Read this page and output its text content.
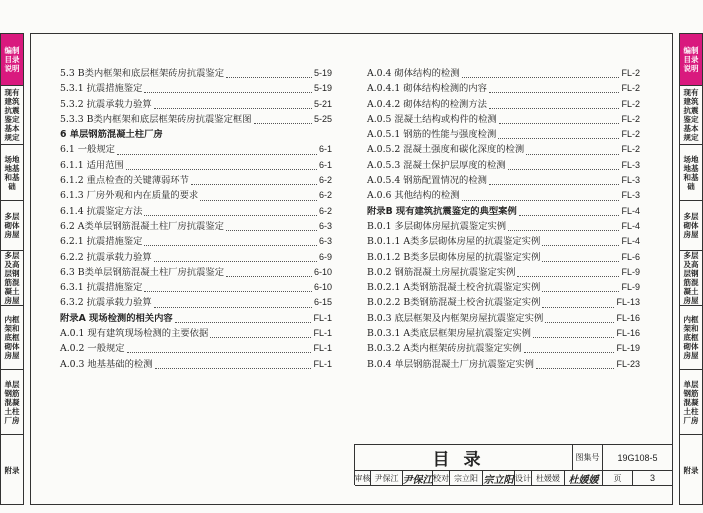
编制目录说明
现有建筑抗震鉴定基本规定
场地地基和基础
多层砌体房屋
多层及高层钢筋混凝土房屋
内框架和底框砌体房屋
单层钢筋混凝土柱厂房
附录
编制目录说明
现有建筑抗震鉴定基本规定
场地地基和基础
多层砌体房屋
多层及高层钢筋混凝土房屋
内框架和底框砌体房屋
单层钢筋混凝土柱厂房
附录
5.3 B类内框架和底层框架砖房抗震鉴定	5-19
5.3.1 抗震措施鉴定	5-19
5.3.2 抗震承载力验算	5-21
5.3.3 B类内框架和底层框架砖房抗震鉴定框图	5-25
6 单层钢筋混凝土柱厂房
6.1 一般规定	6-1
6.1.1 适用范围	6-1
6.1.2 重点检查的关键薄弱环节	6-2
6.1.3 厂房外观和内在质量的要求	6-2
6.1.4 抗震鉴定方法	6-2
6.2 A类单层钢筋混凝土柱厂房抗震鉴定	6-3
6.2.1 抗震措施鉴定	6-3
6.2.2 抗震承载力验算	6-9
6.3 B类单层钢筋混凝土柱厂房抗震鉴定	6-10
6.3.1 抗震措施鉴定	6-10
6.3.2 抗震承载力验算	6-15
附录A 现场检测的相关内容	FL-1
A.0.1 现有建筑现场检测的主要依据	FL-1
A.0.2 一般规定	FL-1
A.0.3 地基基础的检测	FL-1
A.0.4 砌体结构的检测	FL-2
A.0.4.1 砌体结构检测的内容	FL-2
A.0.4.2 砌体结构的检测方法	FL-2
A.0.5 混凝土结构或构件的检测	FL-2
A.0.5.1 钢筋的性能与强度检测	FL-2
A.0.5.2 混凝土强度和碳化深度的检测	FL-2
A.0.5.3 混凝土保护层厚度的检测	FL-3
A.0.5.4 钢筋配置情况的检测	FL-3
A.0.6 其他结构的检测	FL-3
附录B 现有建筑抗震鉴定的典型案例	FL-4
B.0.1 多层砌体房屋抗震鉴定实例	FL-4
B.0.1.1 A类多层砌体房屋的抗震鉴定实例	FL-4
B.0.1.2 B类多层砌体房屋的抗震鉴定实例	FL-6
B.0.2 钢筋混凝土房屋抗震鉴定实例	FL-9
B.0.2.1 A类钢筋混凝土校舍抗震鉴定实例	FL-9
B.0.2.2 B类钢筋混凝土校舍抗震鉴定实例	FL-13
B.0.3 底层框架及内框架房屋抗震鉴定实例	FL-16
B.0.3.1 A类底层框架房屋抗震鉴定实例	FL-16
B.0.3.2 A类内框架砖房抗震鉴定实例	FL-19
B.0.4 单层钢筋混凝土厂房抗震鉴定实例	FL-23
目录	图集号	19G108-5
审核 尹保江 尹保江 校对 宗立阳 宗立阳 设计 杜媛媛 杜媛媛	页	3
